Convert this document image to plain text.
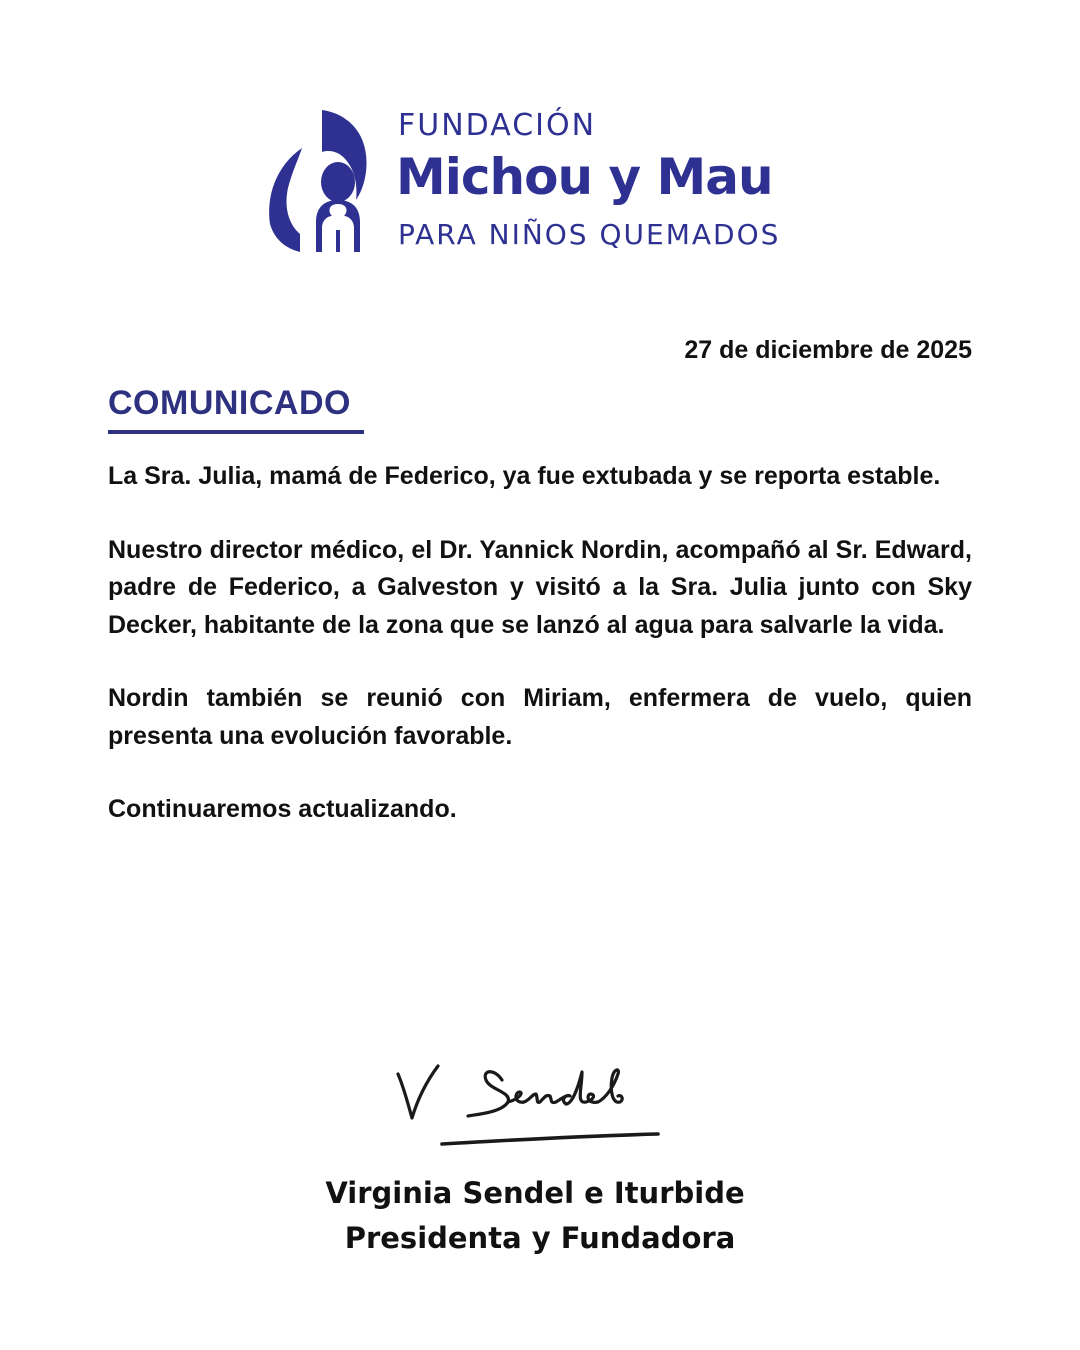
FUNDACIÓN
Michou y Mau
PARA NIÑOS QUEMADOS
27 de diciembre de 2025
COMUNICADO

La Sra. Julia, mamá de Federico, ya fue extubada y se reporta estable.

Nuestro director médico, el Dr. Yannick Nordin, acompañó al Sr. Edward, padre de Federico, a Galveston y visitó a la Sra. Julia junto con Sky Decker, habitante de la zona que se lanzó al agua para salvarle la vida.

Nordin también se reunió con Miriam, enfermera de vuelo, quien presenta una evolución favorable.

Continuaremos actualizando.

Virginia Sendel e Iturbide
Presidenta y Fundadora
